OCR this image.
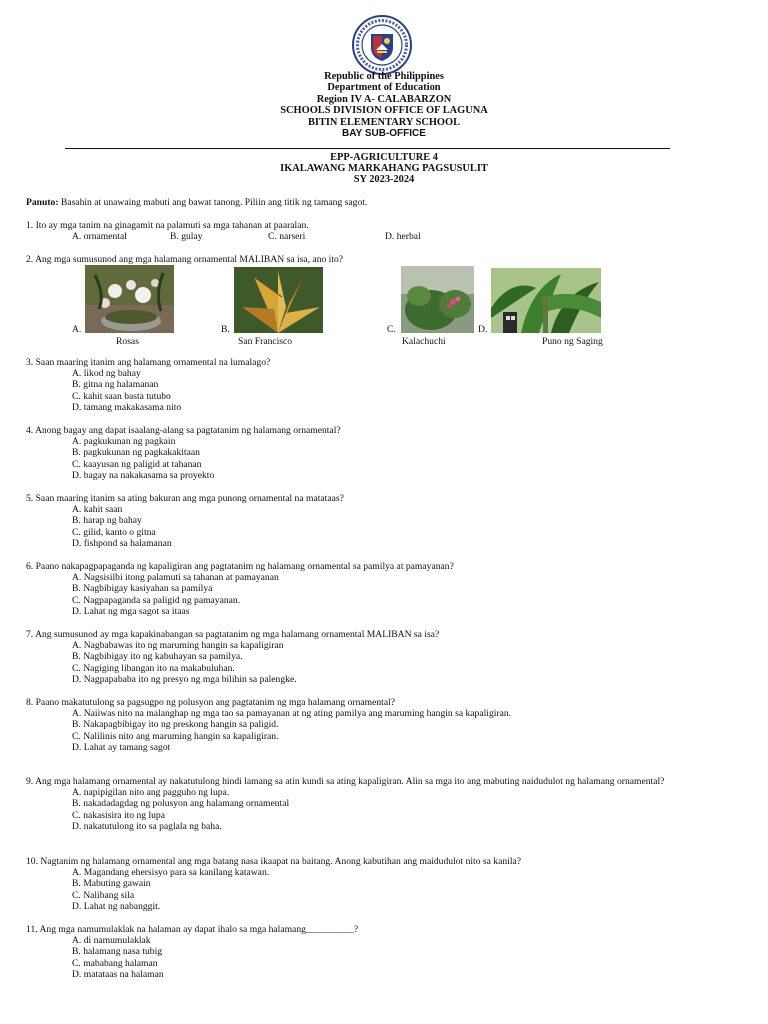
Republic of the Philippines
Department of Education
Region IV A- CALABARZON
SCHOOLS DIVISION OFFICE OF LAGUNA
BITIN ELEMENTARY SCHOOL
BAY SUB-OFFICE
EPP-AGRICULTURE 4
IKALAWANG MARKAHANG PAGSUSULIT
SY 2023-2024
Panuto: Basahin at unawaing mabuti ang bawat tanong. Piliin ang titik ng tamang sagot.
1. Ito ay mga tanim na ginagamit na palamuti sa mga tahanan at paaralan.
A. ornamental	B. gulay	C. narseri	D. herbal
2. Ang mga sumusunod ang mga halamang ornamental MALIBAN sa isa, ano ito?
A.	B.	C.	D.
Rosas	San Francisco	Kalachuchi	Puno ng Saging
3. Saan maaring itanim ang halamang ornamental na lumalago?
A. likod ng bahay
B. gitna ng halamanan
C. kahit saan basta tutubo
D. tamang makakasama nito
4. Anong bagay ang dapat isaalang-alang sa pagtatanim ng halamang ornamental?
A. pagkukunan ng pagkain
B. pagkukunan ng pagkakakitaan
C. kaayusan ng paligid at tahanan
D. bagay na nakakasama sa proyekto
5. Saan maaring itanim sa ating bakuran ang mga punong ornamental na matataas?
A. kahit saan
B. harap ng bahay
C. gilid, kanto o gitna
D. fishpond sa halamanan
6. Paano nakapagpapaganda ng kapaligiran ang pagtatanim ng halamang ornamental sa pamilya at pamayanan?
A. Nagsisilbi itong palamuti sa tahanan at pamayanan
B. Nagbibigay kasiyahan sa pamilya
C. Nagpapaganda sa paligid ng pamayanan.
D. Lahat ng mga sagot sa itaas
7. Ang sumusunod ay mga kapakinabangan sa pagtatanim ng mga halamang ornamental MALIBAN sa isa?
A. Nagbabawas ito ng maruming hangin sa kapaligiran
B. Nagbibigay ito ng kabuhayan sa pamilya.
C. Nagiging libangan ito na makabuluhan.
D. Nagpapababa ito ng presyo ng mga bilihin sa palengke.
8. Paano makatutulong sa pagsugpo ng polusyon ang pagtatanim ng mga halamang ornamental?
A. Naiiwas nito na malanghap ng mga tao sa pamayanan at ng ating pamilya ang maruming hangin sa kapaligiran.
B. Nakapagbibigay ito ng preskong hangin sa paligid.
C. Nalilinis nito ang maruming hangin sa kapaligiran.
D. Lahat ay tamang sagot
9. Ang mga halamang ornamental ay nakatutulong hindi lamang sa atin kundi sa ating kapaligiran. Alin sa mga ito ang mabuting naidudulot ng halamang ornamental?
A. napipigilan nito ang pagguho ng lupa.
B. nakadadagdag ng polusyon ang halamang ornamental
C. nakasisira ito ng lupa
D. nakatutulong ito sa paglala ng baha.
10. Nagtanim ng halamang ornamental ang mga batang nasa ikaapat na baitang. Anong kabutihan ang maidudulot nito sa kanila?
A. Magandang ehersisyo para sa kanilang katawan.
B. Mabuting gawain
C. Nalibang sila
D. Lahat ng nabanggit.
11. Ang mga namumulaklak na halaman ay dapat ihalo sa mga halamang__________?
A. di namumulaklak
B. halamang nasa tubig
C. mababang halaman
D. matataas na halaman
